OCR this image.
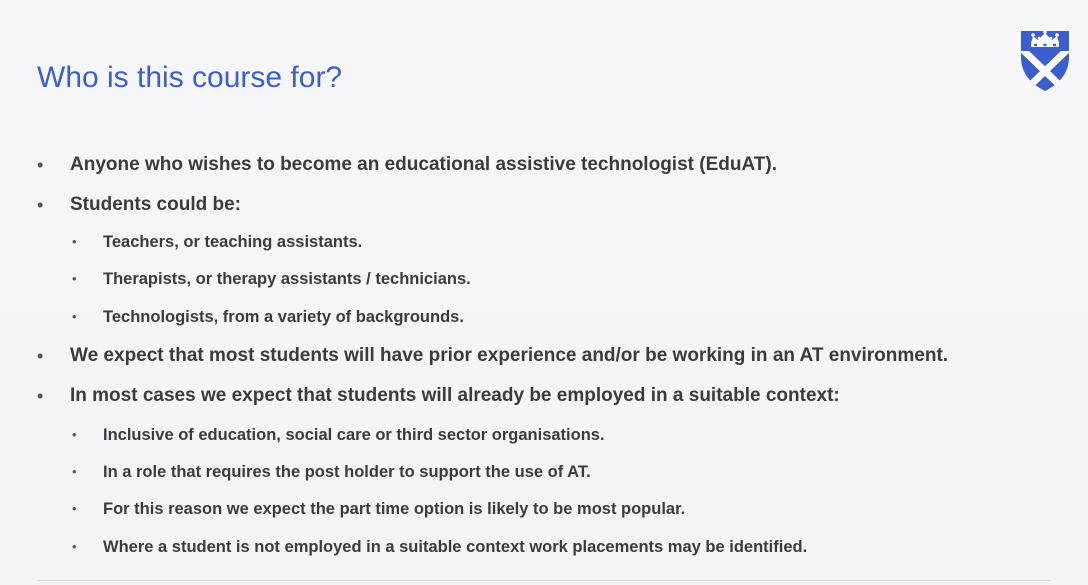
Who is this course for?
• Anyone who wishes to become an educational assistive technologist (EduAT).
• Students could be:
• Teachers, or teaching assistants.
• Therapists, or therapy assistants / technicians.
• Technologists, from a variety of backgrounds.
• We expect that most students will have prior experience and/or be working in an AT environment.
• In most cases we expect that students will already be employed in a suitable context:
• Inclusive of education, social care or third sector organisations.
• In a role that requires the post holder to support the use of AT.
• For this reason we expect the part time option is likely to be most popular.
• Where a student is not employed in a suitable context work placements may be identified.
